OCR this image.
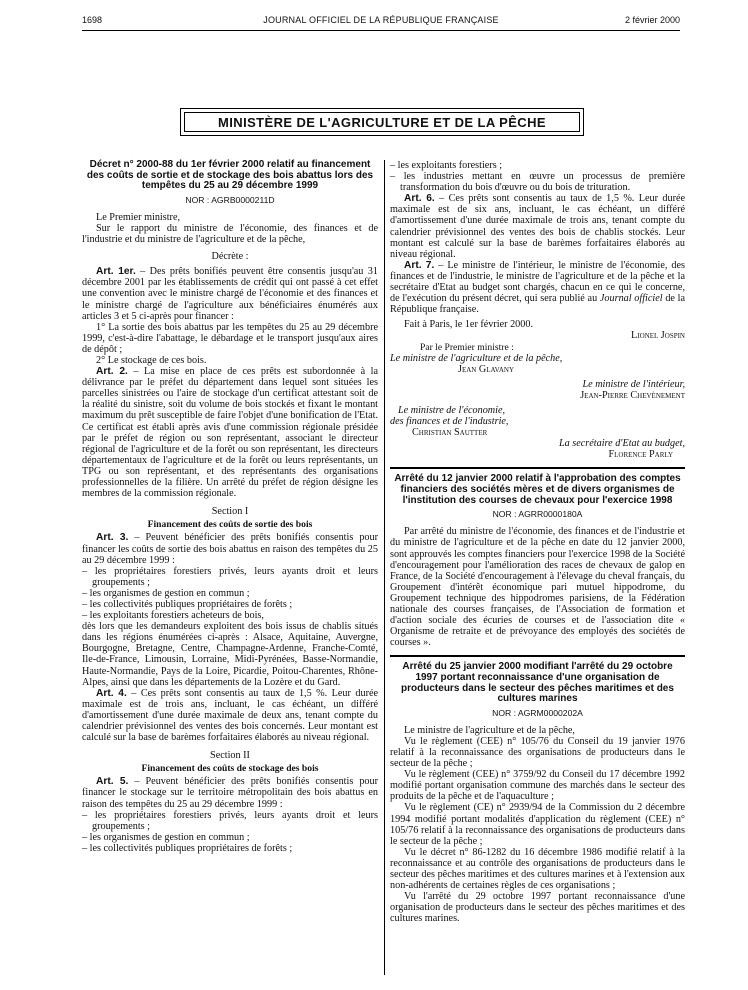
1698	JOURNAL OFFICIEL DE LA RÉPUBLIQUE FRANÇAISE	2 février 2000
MINISTÈRE DE L'AGRICULTURE ET DE LA PÊCHE

Décret n° 2000-88 du 1er février 2000 relatif au financement des coûts de sortie et de stockage des bois abattus lors des tempêtes du 25 au 29 décembre 1999

NOR : AGRB0000211D

Le Premier ministre,

Sur le rapport du ministre de l'économie, des finances et de l'industrie et du ministre de l'agriculture et de la pêche,

Décrète :

Art. 1er. – Des prêts bonifiés peuvent être consentis jusqu'au 31 décembre 2001 par les établissements de crédit qui ont passé à cet effet une convention avec le ministre chargé de l'économie et des finances et le ministre chargé de l'agriculture aux bénéficiaires énumérés aux articles 3 et 5 ci-après pour financer :

1° La sortie des bois abattus par les tempêtes du 25 au 29 décembre 1999, c'est-à-dire l'abattage, le débardage et le transport jusqu'aux aires de dépôt ;

2° Le stockage de ces bois.

Art. 2. – La mise en place de ces prêts est subordonnée à la délivrance par le préfet du département dans lequel sont situées les parcelles sinistrées ou l'aire de stockage d'un certificat attestant soit de la réalité du sinistre, soit du volume de bois stockés et fixant le montant maximum du prêt susceptible de faire l'objet d'une bonification de l'Etat. Ce certificat est établi après avis d'une commission régionale présidée par le préfet de région ou son représentant, associant le directeur régional de l'agriculture et de la forêt ou son représentant, les directeurs départementaux de l'agriculture et de la forêt ou leurs représentants, un TPG ou son représentant, et des représentants des organisations professionnelles de la filière. Un arrêté du préfet de région désigne les membres de la commission régionale.

Section I

Financement des coûts de sortie des bois

Art. 3. – Peuvent bénéficier des prêts bonifiés consentis pour financer les coûts de sortie des bois abattus en raison des tempêtes du 25 au 29 décembre 1999 :

– les propriétaires forestiers privés, leurs ayants droit et leurs groupements ;

– les organismes de gestion en commun ;

– les collectivités publiques propriétaires de forêts ;

– les exploitants forestiers acheteurs de bois,

dès lors que les demandeurs exploitent des bois issus de chablis situés dans les régions énumérées ci-après : Alsace, Aquitaine, Auvergne, Bourgogne, Bretagne, Centre, Champagne-Ardenne, Franche-Comté, Ile-de-France, Limousin, Lorraine, Midi-Pyrénées, Basse-Normandie, Haute-Normandie, Pays de la Loire, Picardie, Poitou-Charentes, Rhône-Alpes, ainsi que dans les départements de la Lozère et du Gard.

Art. 4. – Ces prêts sont consentis au taux de 1,5 %. Leur durée maximale est de trois ans, incluant, le cas échéant, un différé d'amortissement d'une durée maximale de deux ans, tenant compte du calendrier prévisionnel des ventes des bois concernés. Leur montant est calculé sur la base de barèmes forfaitaires élaborés au niveau régional.

Section II

Financement des coûts de stockage des bois

Art. 5. – Peuvent bénéficier des prêts bonifiés consentis pour financer le stockage sur le territoire métropolitain des bois abattus en raison des tempêtes du 25 au 29 décembre 1999 :

– les propriétaires forestiers privés, leurs ayants droit et leurs groupements ;

– les organismes de gestion en commun ;

– les collectivités publiques propriétaires de forêts ;

– les exploitants forestiers ;

– les industries mettant en œuvre un processus de première transformation du bois d'œuvre ou du bois de trituration.

Art. 6. – Ces prêts sont consentis au taux de 1,5 %. Leur durée maximale est de six ans, incluant, le cas échéant, un différé d'amortissement d'une durée maximale de trois ans, tenant compte du calendrier prévisionnel des ventes des bois de chablis stockés. Leur montant est calculé sur la base de barèmes forfaitaires élaborés au niveau régional.

Art. 7. – Le ministre de l'intérieur, le ministre de l'économie, des finances et de l'industrie, le ministre de l'agriculture et de la pêche et la secrétaire d'Etat au budget sont chargés, chacun en ce qui le concerne, de l'exécution du présent décret, qui sera publié au Journal officiel de la République française.

Fait à Paris, le 1er février 2000.

Lionel Jospin

Par le Premier ministre :

Le ministre de l'agriculture et de la pêche,

Jean Glavany

Le ministre de l'intérieur,

Jean-Pierre Chevènement

Le ministre de l'économie,

des finances et de l'industrie,

Christian Sautter

La secrétaire d'Etat au budget,

Florence Parly

Arrêté du 12 janvier 2000 relatif à l'approbation des comptes financiers des sociétés mères et de divers organismes de l'institution des courses de chevaux pour l'exercice 1998

NOR : AGRR0000180A

Par arrêté du ministre de l'économie, des finances et de l'industrie et du ministre de l'agriculture et de la pêche en date du 12 janvier 2000, sont approuvés les comptes financiers pour l'exercice 1998 de la Société d'encouragement pour l'amélioration des races de chevaux de galop en France, de la Société d'encouragement à l'élevage du cheval français, du Groupement d'intérêt économique pari mutuel hippodrome, du Groupement technique des hippodromes parisiens, de la Fédération nationale des courses françaises, de l'Association de formation et d'action sociale des écuries de courses et de l'association dite « Organisme de retraite et de prévoyance des employés des sociétés de courses ».

Arrêté du 25 janvier 2000 modifiant l'arrêté du 29 octobre 1997 portant reconnaissance d'une organisation de producteurs dans le secteur des pêches maritimes et des cultures marines

NOR : AGRM0000202A

Le ministre de l'agriculture et de la pêche,

Vu le règlement (CEE) n° 105/76 du Conseil du 19 janvier 1976 relatif à la reconnaissance des organisations de producteurs dans le secteur de la pêche ;

Vu le règlement (CEE) n° 3759/92 du Conseil du 17 décembre 1992 modifié portant organisation commune des marchés dans le secteur des produits de la pêche et de l'aquaculture ;

Vu le règlement (CE) n° 2939/94 de la Commission du 2 décembre 1994 modifié portant modalités d'application du règlement (CEE) n° 105/76 relatif à la reconnaissance des organisations de producteurs dans le secteur de la pêche ;

Vu le décret n° 86-1282 du 16 décembre 1986 modifié relatif à la reconnaissance et au contrôle des organisations de producteurs dans le secteur des pêches maritimes et des cultures marines et à l'extension aux non-adhérents de certaines règles de ces organisations ;

Vu l'arrêté du 29 octobre 1997 portant reconnaissance d'une organisation de producteurs dans le secteur des pêches maritimes et des cultures marines.
